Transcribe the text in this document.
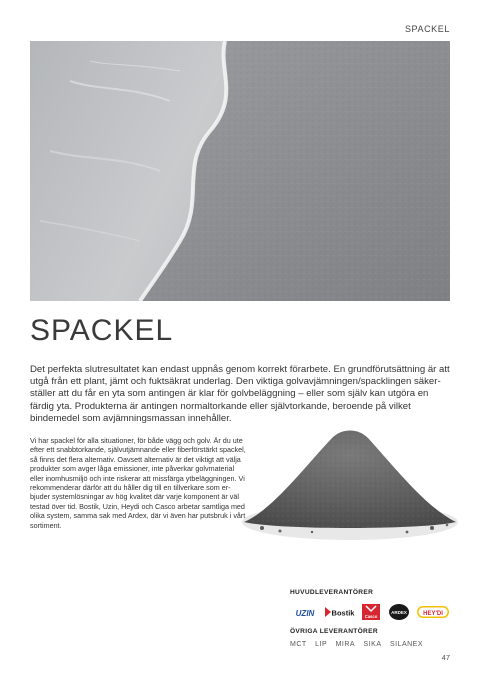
SPACKEL
SPACKEL

Det perfekta slutresultatet kan endast uppnås genom korrekt förarbete. En grundförutsättning är att utgå från ett plant, jämt och fuktsäkrat underlag. Den viktiga golvavjämningen/spacklingen säkerställer att du får en yta som antingen är klar för golvbeläggning – eller som själv kan utgöra en färdig yta. Produkterna är antingen normaltorkande eller självtorkande, beroende på vilket bindemedel som avjämningsmassan innehåller.

Vi har spackel för alla situationer, för både vägg och golv. Är du ute efter ett snabbtorkande, självutjämnande eller fiberförstärkt spackel, så finns det flera alternativ. Oavsett alternativ är det viktigt att välja produkter som avger låga emissioner, inte påverkar golvmaterial eller inomhusmiljö och inte riskerar att missfärga ytbeläggningen. Vi rekommenderar därför att du håller dig till en tillverkare som erbjuder systemlösningar av hög kvalitet där varje komponent är väl testad över tid. Bostik, Uzin, Heydi och Casco arbetar samtliga med olika system, samma sak med Ardex, där vi även har putsbruk i vårt sortiment.

HUVUDLEVERANTÖRER
UZIN Bostik Casco
ARDEX	HEY'DI
ÖVRIGA LEVERANTÖRER
MCT LIP MIRA SIKA SILANEX
47
